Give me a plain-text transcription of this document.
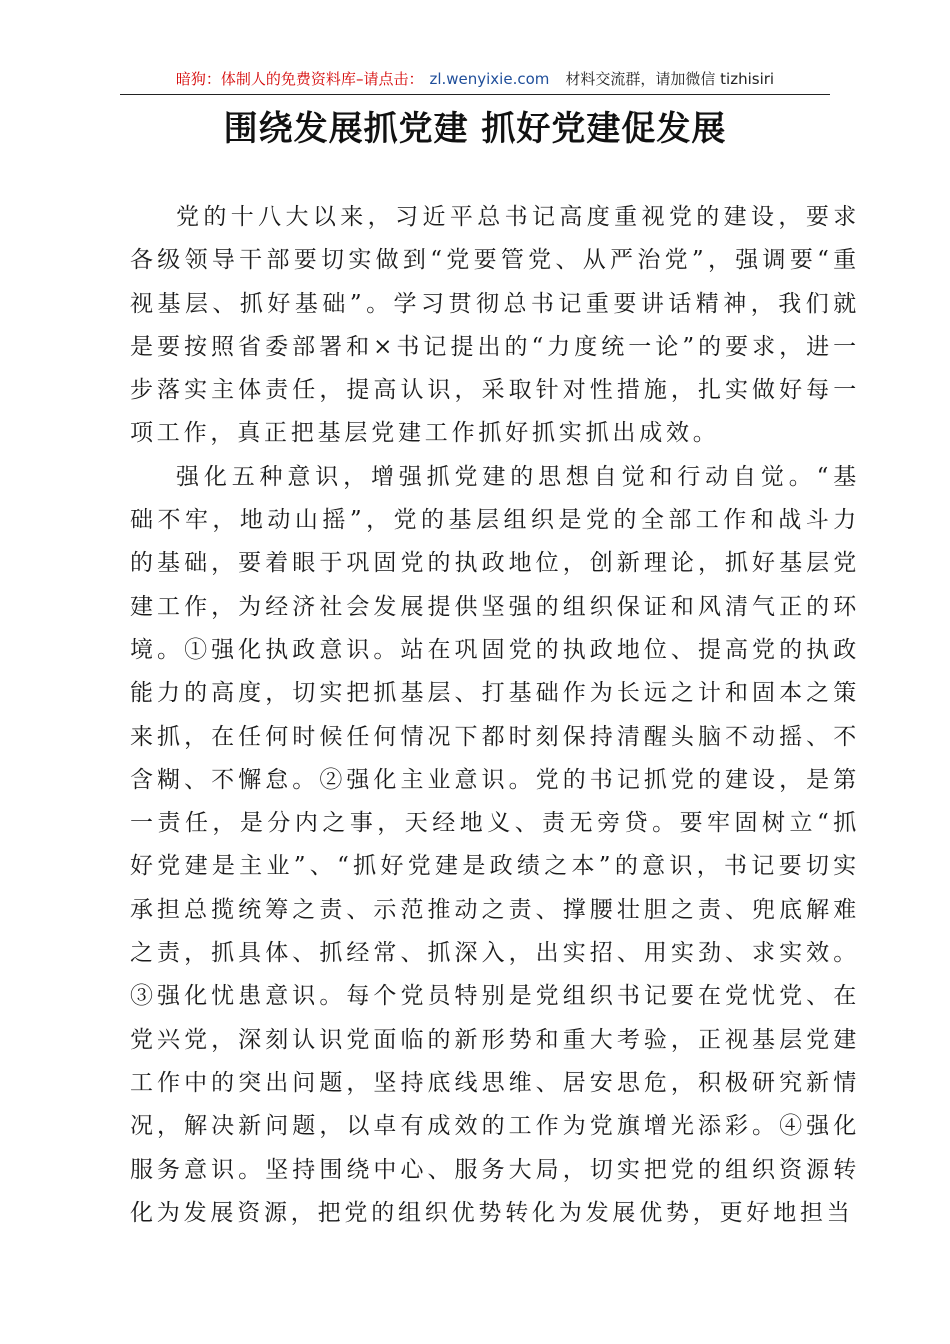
暗狗：体制人的免费资料库–请点击： zl.wenyixie.com 材料交流群，请加微信 tizhisiri
围绕发展抓党建 抓好党建促发展

党的十八大以来，习近平总书记高度重视党的建设，要求各级领导干部要切实做到“党要管党、从严治党”，强调要“重视基层、抓好基础”。学习贯彻总书记重要讲话精神，我们就是要按照省委部署和×书记提出的“力度统一论”的要求，进一步落实主体责任，提高认识，采取针对性措施，扎实做好每一项工作，真正把基层党建工作抓好抓实抓出成效。

强化五种意识，增强抓党建的思想自觉和行动自觉。“基础不牢，地动山摇”，党的基层组织是党的全部工作和战斗力的基础，要着眼于巩固党的执政地位，创新理论，抓好基层党建工作，为经济社会发展提供坚强的组织保证和风清气正的环境。①强化执政意识。站在巩固党的执政地位、提高党的执政能力的高度，切实把抓基层、打基础作为长远之计和固本之策来抓，在任何时候任何情况下都时刻保持清醒头脑不动摇、不含糊、不懈怠。②强化主业意识。党的书记抓党的建设，是第一责任，是分内之事，天经地义、责无旁贷。要牢固树立“抓好党建是主业”、“抓好党建是政绩之本”的意识，书记要切实承担总揽统筹之责、示范推动之责、撑腰壮胆之责、兜底解难之责，抓具体、抓经常、抓深入，出实招、用实劲、求实效。③强化忧患意识。每个党员特别是党组织书记要在党忧党、在党兴党，深刻认识党面临的新形势和重大考验，正视基层党建工作中的突出问题，坚持底线思维、居安思危，积极研究新情况，解决新问题，以卓有成效的工作为党旗增光添彩。④强化服务意识。坚持围绕中心、服务大局，切实把党的组织资源转化为发展资源，把党的组织优势转化为发展优势，更好地担当
